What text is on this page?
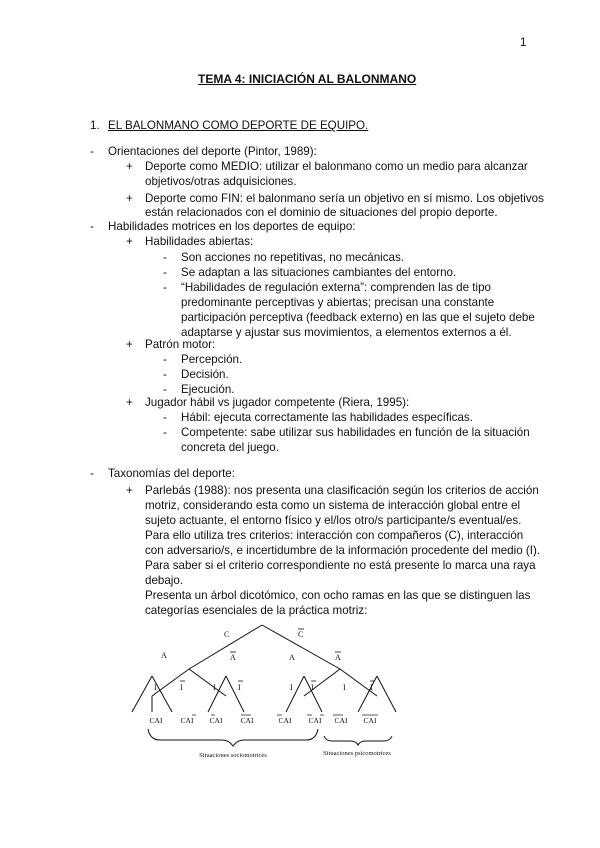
1
TEMA 4: INICIACIÓN AL BALONMANO
1. EL BALONMANO COMO DEPORTE DE EQUIPO.
- Orientaciones del deporte (Pintor, 1989):
+ Deporte como MEDIO: utilizar el balonmano como un medio para alcanzar
objetivos/otras adquisiciones.
+ Deporte como FIN: el balonmano sería un objetivo en sí mismo. Los objetivos
están relacionados con el dominio de situaciones del propio deporte.
- Habilidades motrices en los deportes de equipo:
+ Habilidades abiertas:
- Son acciones no repetitivas, no mecánicas.
- Se adaptan a las situaciones cambiantes del entorno.
- “Habilidades de regulación externa”: comprenden las de tipo
predominante perceptivas y abiertas; precisan una constante
participación perceptiva (feedback externo) en las que el sujeto debe
adaptarse y ajustar sus movimientos, a elementos externos a él.
+ Patrón motor:
- Percepción.
- Decisión.
- Ejecución.
+ Jugador hábil vs jugador competente (Riera, 1995):
- Hábil: ejecuta correctamente las habilidades específicas.
- Competente: sabe utilizar sus habilidades en función de la situación
concreta del juego.
- Taxonomías del deporte:
+ Parlebás (1988): nos presenta una clasificación según los criterios de acción
motriz, considerando esta como un sistema de interacción global entre el
sujeto actuante, el entorno físico y el/los otro/s participante/s eventual/es.
Para ello utiliza tres criterios: interacción con compañeros (C), interacción
con adversario/s, e incertidumbre de la información procedente del medio (I).
Para saber si el criterio correspondiente no está presente lo marca una raya
debajo.
Presenta un árbol dicotómico, con ocho ramas en las que se distinguen las
categorías esenciales de la práctica motriz:
C	C
A	A	A	A
I	I	I	I	I I	I	I
CAI CAI CAI CAI	CAI CAI CAI CAI
Situaciones sociomotrices	Situaciones psicomotrices
